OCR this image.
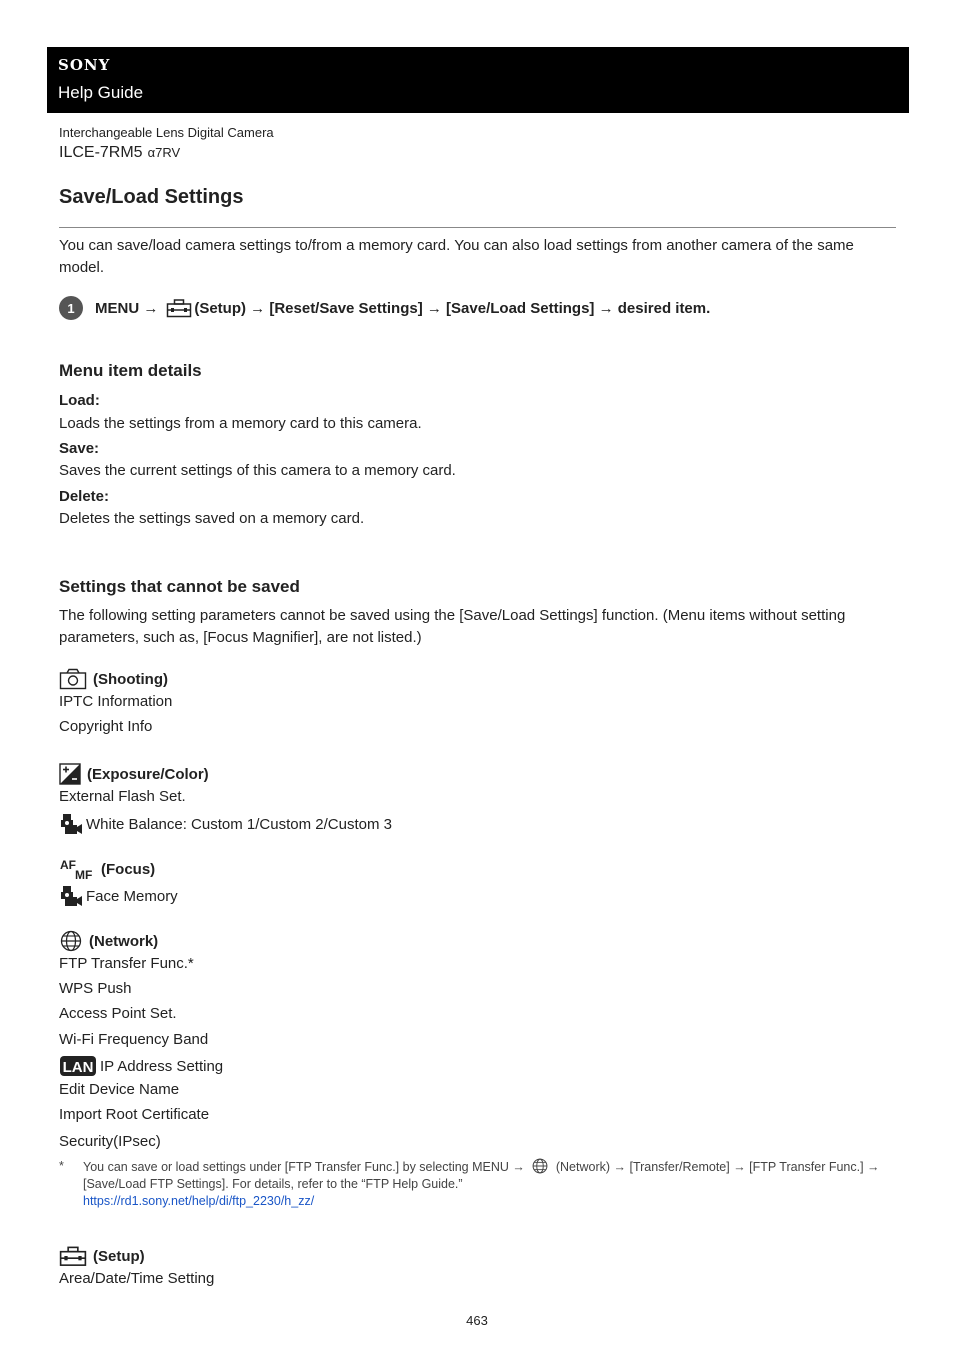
SONY
Help Guide
Interchangeable Lens Digital Camera
ILCE-7RM5 α7RV
Save/Load Settings

You can save/load camera settings to/from a memory card. You can also load settings from another camera of the same model.

1	MENU → (Setup) → [Reset/Save Settings] → [Save/Load Settings] → desired item.
Menu item details
Load:
Loads the settings from a memory card to this camera.
Save:
Saves the current settings of this camera to a memory card.
Delete:
Deletes the settings saved on a memory card.
Settings that cannot be saved

The following setting parameters cannot be saved using the [Save/Load Settings] function. (Menu items without setting parameters, such as, [Focus Magnifier], are not listed.)

(Shooting)
IPTC Information
Copyright Info
(Exposure/Color)
External Flash Set.
White Balance: Custom 1/Custom 2/Custom 3
AF
MF (Focus)
Face Memory
(Network)
FTP Transfer Func.*
WPS Push
Access Point Set.
Wi-Fi Frequency Band
LAN IP Address Setting
Edit Device Name
Import Root Certificate
Security(IPsec)
* You can save or load settings under [FTP Transfer Func.] by selecting MENU → (Network) → [Transfer/Remote] → [FTP Transfer Func.] → [Save/Load FTP Settings]. For details, refer to the “FTP Help Guide.”
https://rd1.sony.net/help/di/ftp_2230/h_zz/
(Setup)
Area/Date/Time Setting
463
